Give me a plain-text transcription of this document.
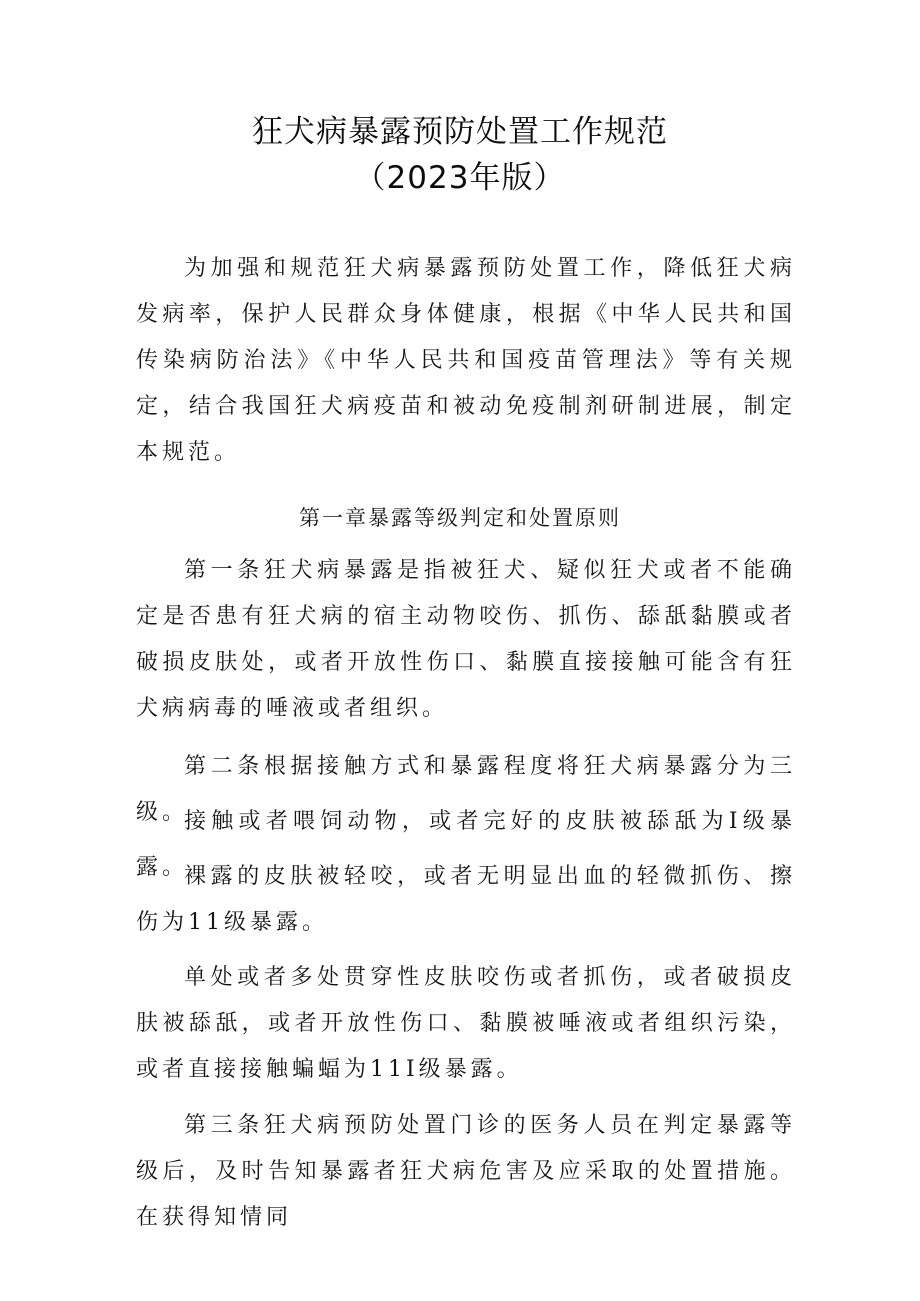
狂犬病暴露预防处置工作规范
（2023年版）

为加强和规范狂犬病暴露预防处置工作，降低狂犬病发病率，保护人民群众身体健康，根据《中华人民共和国传染病防治法》《中华人民共和国疫苗管理法》等有关规定，结合我国狂犬病疫苗和被动免疫制剂研制进展，制定本规范。

第一章暴露等级判定和处置原则

第一条狂犬病暴露是指被狂犬、疑似狂犬或者不能确定是否患有狂犬病的宿主动物咬伤、抓伤、舔舐黏膜或者破损皮肤处，或者开放性伤口、黏膜直接接触可能含有狂犬病病毒的唾液或者组织。

第二条根据接触方式和暴露程度将狂犬病暴露分为三级。

接触或者喂饲动物，或者完好的皮肤被舔舐为I级暴露。

裸露的皮肤被轻咬，或者无明显出血的轻微抓伤、擦伤为11级暴露。

单处或者多处贯穿性皮肤咬伤或者抓伤，或者破损皮肤被舔舐，或者开放性伤口、黏膜被唾液或者组织污染，或者直接接触蝙蝠为11I级暴露。

第三条狂犬病预防处置门诊的医务人员在判定暴露等级后，及时告知暴露者狂犬病危害及应采取的处置措施。在获得知情同
